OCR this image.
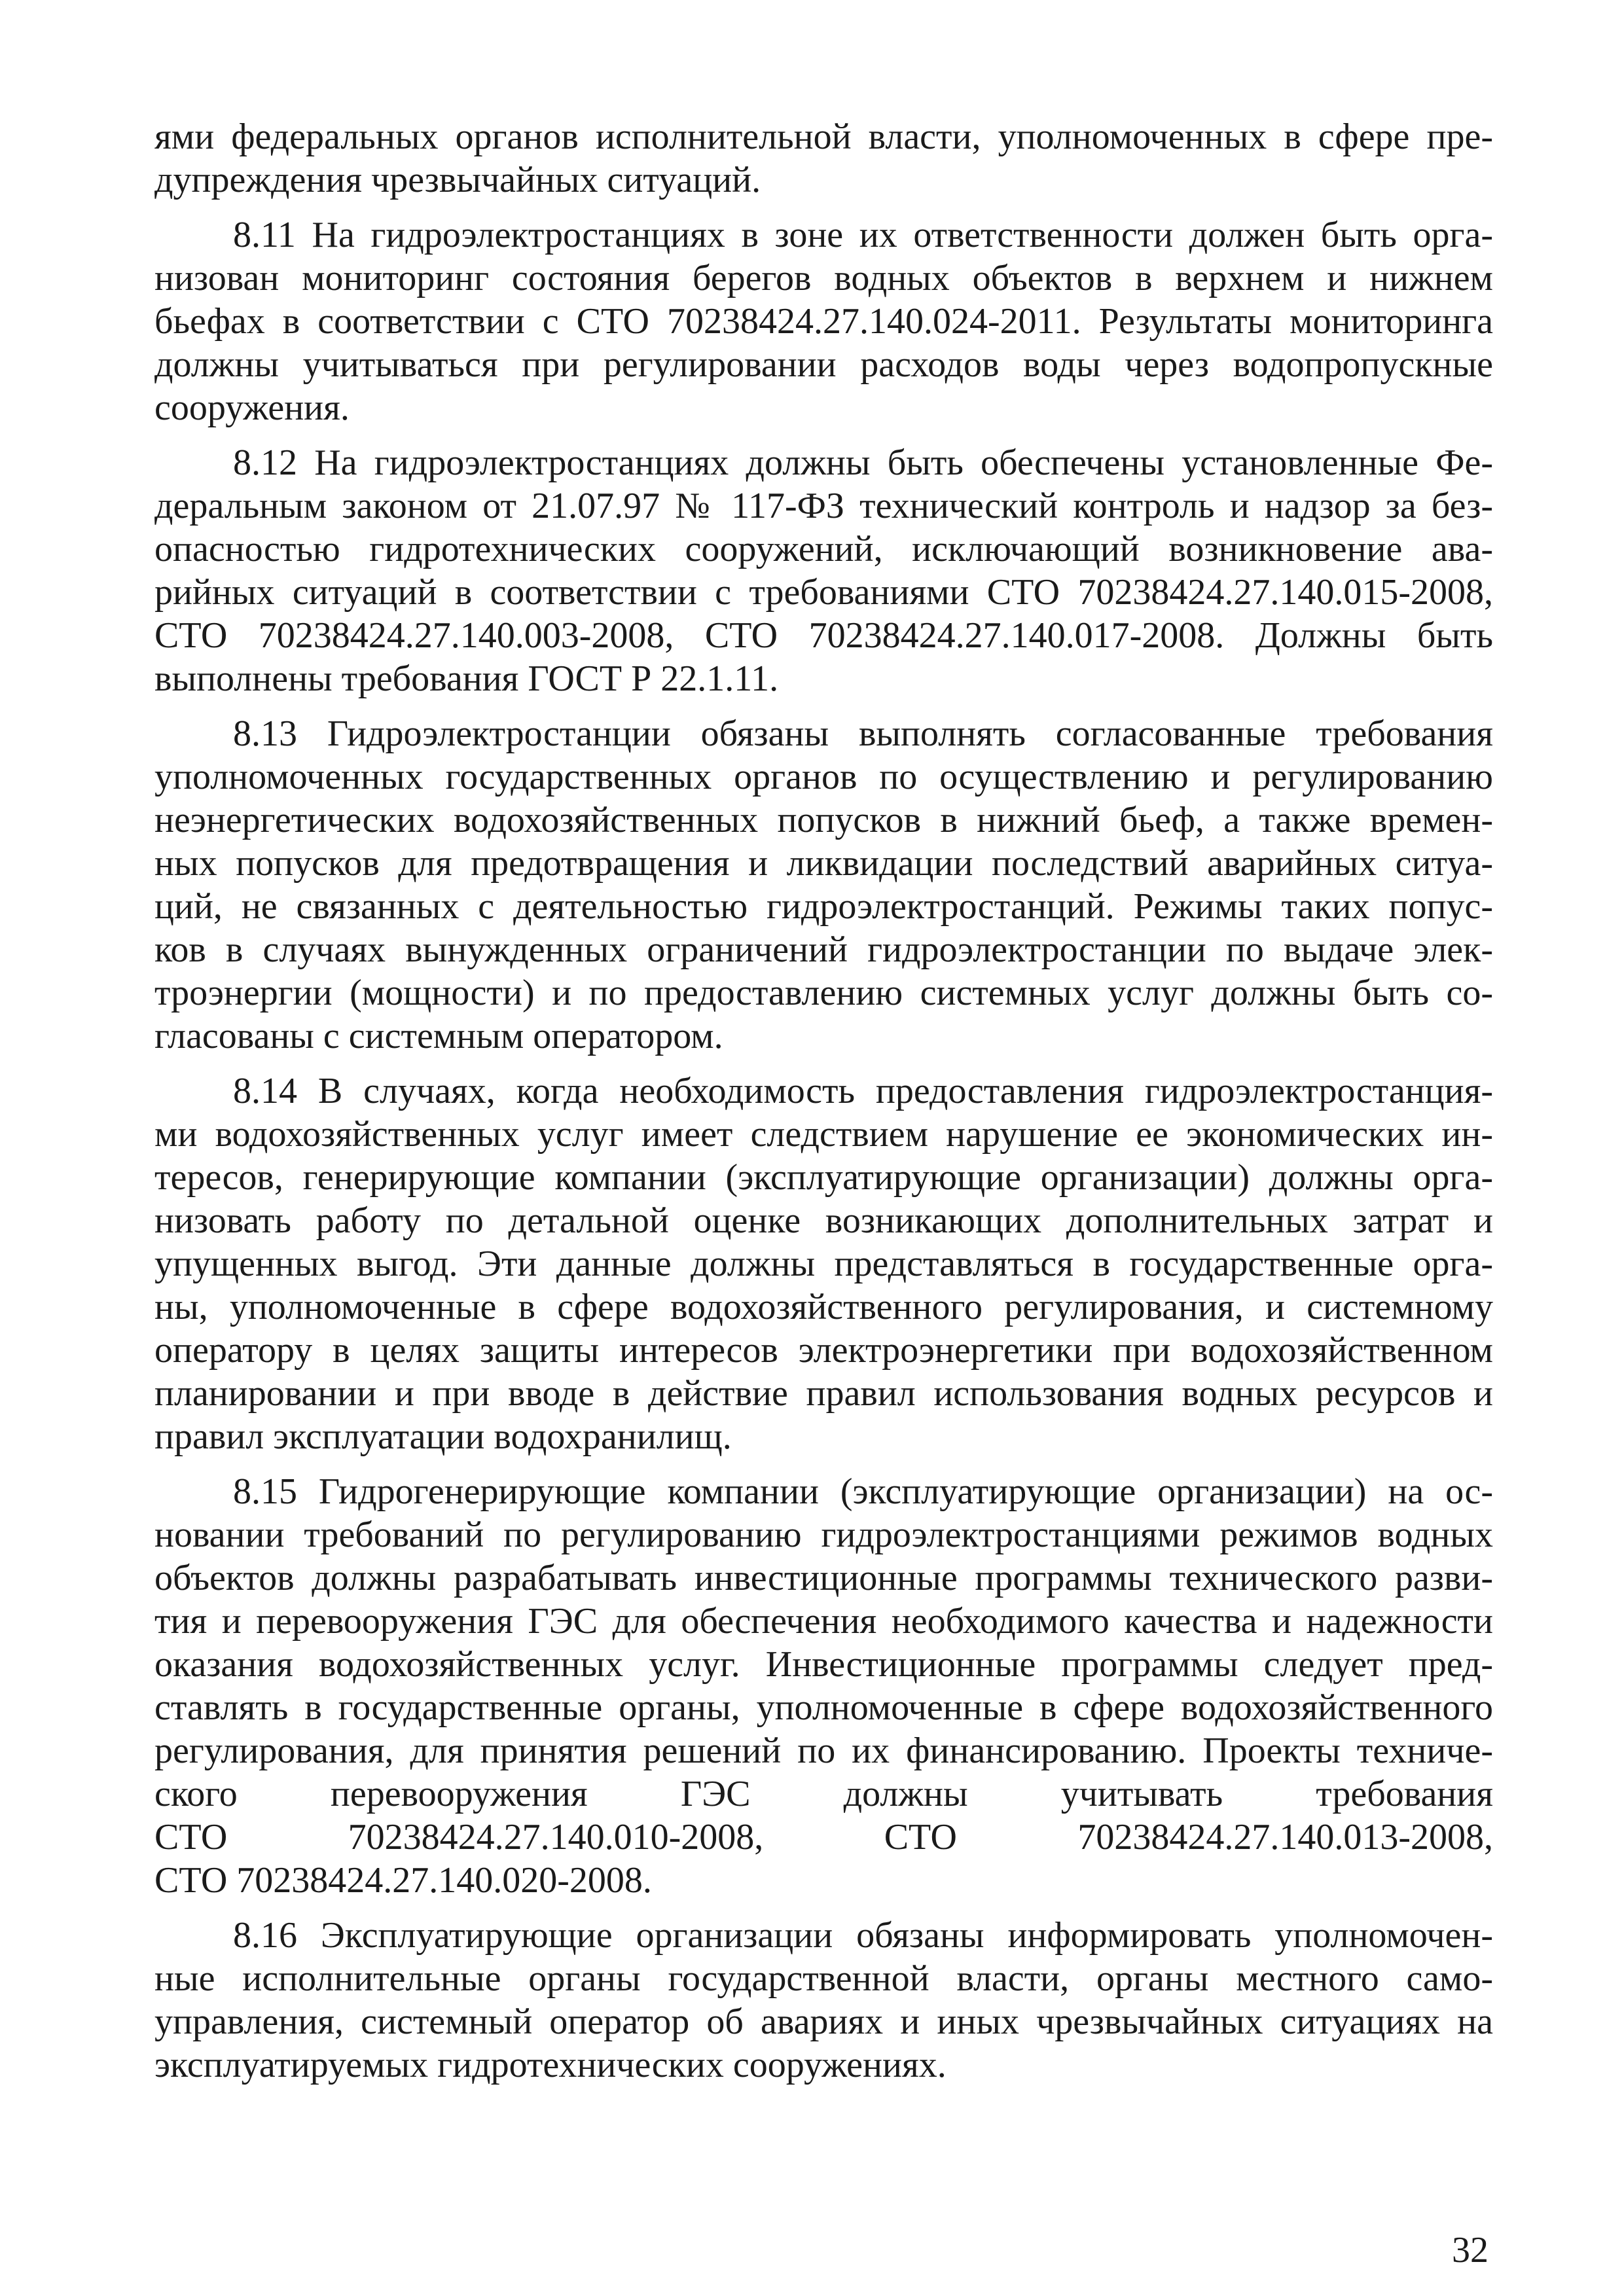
ями федеральных органов исполнительной власти, уполномоченных в сфере пре-
дупреждения чрезвычайных ситуаций.
8.11 На гидроэлектростанциях в зоне их ответственности должен быть орга-
низован мониторинг состояния берегов водных объектов в верхнем и нижнем
бьефах в соответствии с СТО 70238424.27.140.024-2011. Результаты мониторинга
должны учитываться при регулировании расходов воды через водопропускные
сооружения.
8.12 На гидроэлектростанциях должны быть обеспечены установленные Фе-
деральным законом от 21.07.97 № 117-ФЗ технический контроль и надзор за без-
опасностью гидротехнических сооружений, исключающий возникновение ава-
рийных ситуаций в соответствии с требованиями СТО 70238424.27.140.015-2008,
СТО 70238424.27.140.003-2008, СТО 70238424.27.140.017-2008. Должны быть
выполнены требования ГОСТ Р 22.1.11.
8.13 Гидроэлектростанции обязаны выполнять согласованные требования
уполномоченных государственных органов по осуществлению и регулированию
неэнергетических водохозяйственных попусков в нижний бьеф, а также времен-
ных попусков для предотвращения и ликвидации последствий аварийных ситуа-
ций, не связанных с деятельностью гидроэлектростанций. Режимы таких попус-
ков в случаях вынужденных ограничений гидроэлектростанции по выдаче элек-
троэнергии (мощности) и по предоставлению системных услуг должны быть со-
гласованы с системным оператором.
8.14 В случаях, когда необходимость предоставления гидроэлектростанция-
ми водохозяйственных услуг имеет следствием нарушение ее экономических ин-
тересов, генерирующие компании (эксплуатирующие организации) должны орга-
низовать работу по детальной оценке возникающих дополнительных затрат и
упущенных выгод. Эти данные должны представляться в государственные орга-
ны, уполномоченные в сфере водохозяйственного регулирования, и системному
оператору в целях защиты интересов электроэнергетики при водохозяйственном
планировании и при вводе в действие правил использования водных ресурсов и
правил эксплуатации водохранилищ.
8.15 Гидрогенерирующие компании (эксплуатирующие организации) на ос-
новании требований по регулированию гидроэлектростанциями режимов водных
объектов должны разрабатывать инвестиционные программы технического разви-
тия и перевооружения ГЭС для обеспечения необходимого качества и надежности
оказания водохозяйственных услуг. Инвестиционные программы следует пред-
ставлять в государственные органы, уполномоченные в сфере водохозяйственного
регулирования, для принятия решений по их финансированию. Проекты техниче-
ского перевооружения ГЭС должны учитывать требования
СТО 70238424.27.140.010-2008, СТО 70238424.27.140.013-2008,
СТО 70238424.27.140.020-2008.
8.16 Эксплуатирующие организации обязаны информировать уполномочен-
ные исполнительные органы государственной власти, органы местного само-
управления, системный оператор об авариях и иных чрезвычайных ситуациях на
эксплуатируемых гидротехнических сооружениях.
32
